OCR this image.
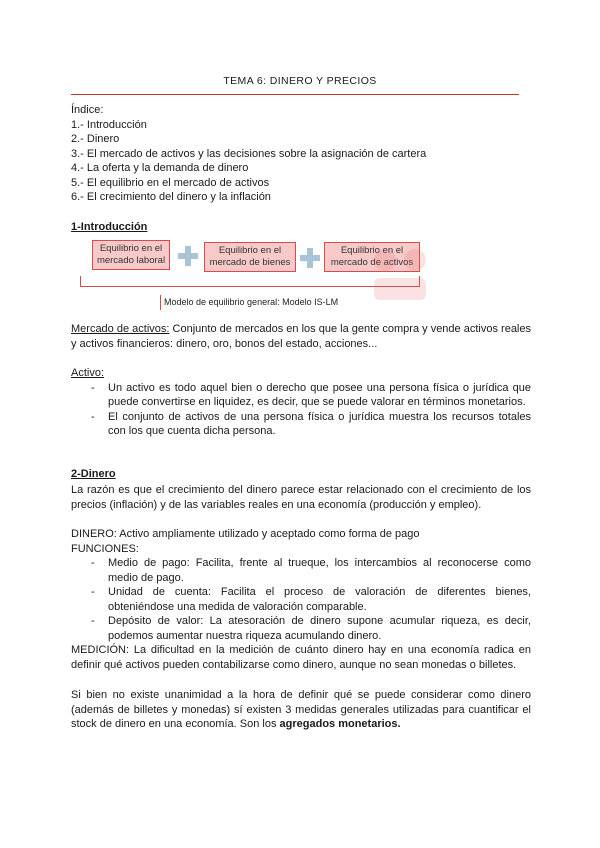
TEMA 6: DINERO Y PRECIOS
Índice:
1.- Introducción
2.- Dinero
3.- El mercado de activos y las decisiones sobre la asignación de cartera
4.- La oferta y la demanda de dinero
5.- El equilibrio en el mercado de activos
6.- El crecimiento del dinero y la inflación
1-Introducción
Equilibrio en el
mercado laboral
Equilibrio en el
mercado de bienes
Equilibrio en el
mercado de activos
Modelo de equilibrio general: Modelo IS-LM
Mercado de activos: Conjunto de mercados en los que la gente compra y vende activos reales y activos financieros: dinero, oro, bonos del estado, acciones...
Activo:
- Un activo es todo aquel bien o derecho que posee una persona física o jurídica que puede convertirse en liquidez, es decir, que se puede valorar en términos monetarios.
- El conjunto de activos de una persona física o jurídica muestra los recursos totales con los que cuenta dicha persona.
2-Dinero
La razón es que el crecimiento del dinero parece estar relacionado con el crecimiento de los precios (inflación) y de las variables reales en una economía (producción y empleo).
DINERO: Activo ampliamente utilizado y aceptado como forma de pago
FUNCIONES:
- Medio de pago: Facilita, frente al trueque, los intercambios al reconocerse como medio de pago.
- Unidad de cuenta: Facilita el proceso de valoración de diferentes bienes, obteniéndose una medida de valoración comparable.
- Depósito de valor: La atesoración de dinero supone acumular riqueza, es decir, podemos aumentar nuestra riqueza acumulando dinero.
MEDICIÓN: La dificultad en la medición de cuánto dinero hay en una economía radica en definir qué activos pueden contabilizarse como dinero, aunque no sean monedas o billetes.
Si bien no existe unanimidad a la hora de definir qué se puede considerar como dinero (además de billetes y monedas) sí existen 3 medidas generales utilizadas para cuantificar el stock de dinero en una economía. Son los agregados monetarios.
